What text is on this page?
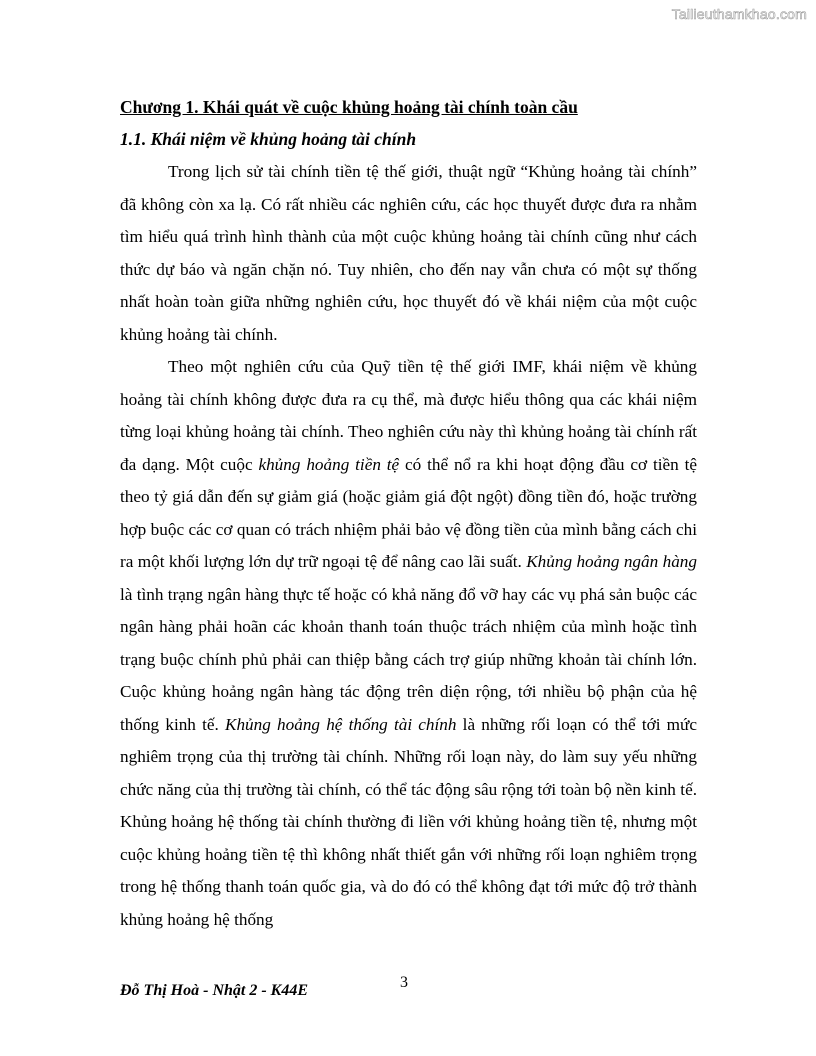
Tailieuthamkhao.com
Chương 1. Khái quát về cuộc khủng hoảng tài chính toàn cầu
1.1. Khái niệm về khủng hoảng tài chính

Trong lịch sử tài chính tiền tệ thế giới, thuật ngữ “Khủng hoảng tài chính” đã không còn xa lạ. Có rất nhiều các nghiên cứu, các học thuyết được đưa ra nhằm tìm hiểu quá trình hình thành của một cuộc khủng hoảng tài chính cũng như cách thức dự báo và ngăn chặn nó. Tuy nhiên, cho đến nay vẫn chưa có một sự thống nhất hoàn toàn giữa những nghiên cứu, học thuyết đó về khái niệm của một cuộc khủng hoảng tài chính.

Theo một nghiên cứu của Quỹ tiền tệ thế giới IMF, khái niệm về khủng hoảng tài chính không được đưa ra cụ thể, mà được hiểu thông qua các khái niệm từng loại khủng hoảng tài chính. Theo nghiên cứu này thì khủng hoảng tài chính rất đa dạng. Một cuộc khủng hoảng tiền tệ có thể nổ ra khi hoạt động đầu cơ tiền tệ theo tỷ giá dẫn đến sự giảm giá (hoặc giảm giá đột ngột) đồng tiền đó, hoặc trường hợp buộc các cơ quan có trách nhiệm phải bảo vệ đồng tiền của mình bằng cách chi ra một khối lượng lớn dự trữ ngoại tệ để nâng cao lãi suất. Khủng hoảng ngân hàng là tình trạng ngân hàng thực tế hoặc có khả năng đổ vỡ hay các vụ phá sản buộc các ngân hàng phải hoãn các khoản thanh toán thuộc trách nhiệm của mình hoặc tình trạng buộc chính phủ phải can thiệp bằng cách trợ giúp những khoản tài chính lớn. Cuộc khủng hoảng ngân hàng tác động trên diện rộng, tới nhiều bộ phận của hệ thống kinh tế. Khủng hoảng hệ thống tài chính là những rối loạn có thể tới mức nghiêm trọng của thị trường tài chính. Những rối loạn này, do làm suy yếu những chức năng của thị trường tài chính, có thể tác động sâu rộng tới toàn bộ nền kinh tế. Khủng hoảng hệ thống tài chính thường đi liền với khủng hoảng tiền tệ, nhưng một cuộc khủng hoảng tiền tệ thì không nhất thiết gắn với những rối loạn nghiêm trọng trong hệ thống thanh toán quốc gia, và do đó có thể không đạt tới mức độ trở thành khủng hoảng hệ thống

3
Đỗ Thị Hoà - Nhật 2 - K44E
